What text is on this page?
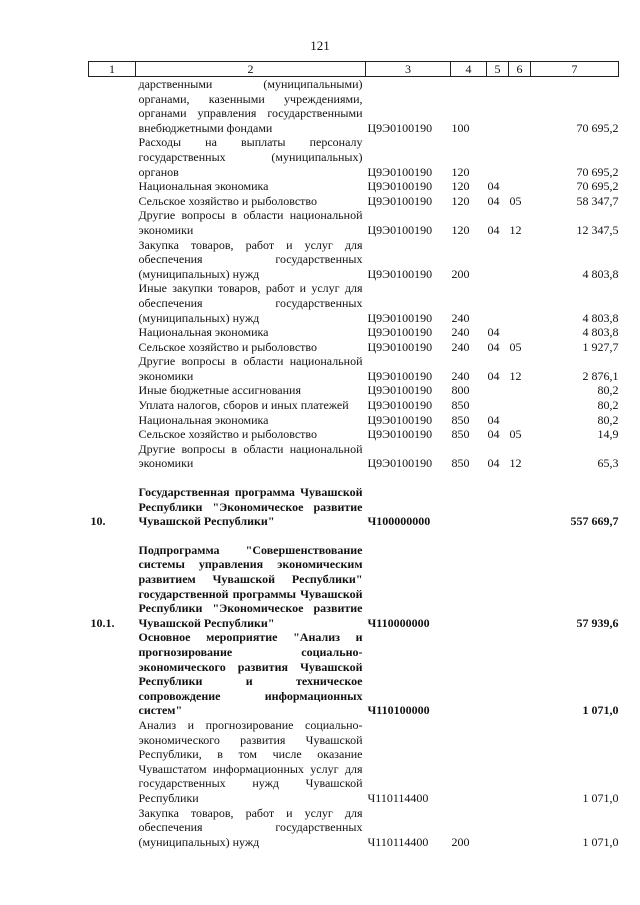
121
1	2	3	4	5	6	7
	дарственными (муниципальными) органами, казенными учреждениями, органами управления государственными внебюджетными фондами	Ц9Э0100190	100			70 695,2
	Расходы на выплаты персоналу государственных (муниципальных) органов	Ц9Э0100190	120			70 695,2
	Национальная экономика	Ц9Э0100190	120	04		70 695,2
	Сельское хозяйство и рыболовство	Ц9Э0100190	120	04	05	58 347,7
	Другие вопросы в области национальной экономики	Ц9Э0100190	120	04	12	12 347,5
	Закупка товаров, работ и услуг для обеспечения государственных (муниципальных) нужд	Ц9Э0100190	200			4 803,8
	Иные закупки товаров, работ и услуг для обеспечения государственных (муниципальных) нужд	Ц9Э0100190	240			4 803,8
	Национальная экономика	Ц9Э0100190	240	04		4 803,8
	Сельское хозяйство и рыболовство	Ц9Э0100190	240	04	05	1 927,7
	Другие вопросы в области национальной экономики	Ц9Э0100190	240	04	12	2 876,1
	Иные бюджетные ассигнования	Ц9Э0100190	800			80,2
	Уплата налогов, сборов и иных платежей	Ц9Э0100190	850			80,2
	Национальная экономика	Ц9Э0100190	850	04		80,2
	Сельское хозяйство и рыболовство	Ц9Э0100190	850	04	05	14,9
	Другие вопросы в области национальной экономики	Ц9Э0100190	850	04	12	65,3

10.	Государственная программа Чувашской Республики "Экономическое развитие Чувашской Республики"	Ч100000000				557 669,7

10.1.	Подпрограмма "Совершенствование системы управления экономическим развитием Чувашской Республики" государственной программы Чувашской Республики "Экономическое развитие Чувашской Республики"	Ч110000000				57 939,6
	Основное мероприятие "Анализ и прогнозирование социально-экономического развития Чувашской Республики и техническое сопровождение информационных систем"	Ч110100000				1 071,0
	Анализ и прогнозирование социально-экономического развития Чувашской Республики, в том числе оказание Чувашстатом информационных услуг для государственных нужд Чувашской Республики	Ч110114400				1 071,0
	Закупка товаров, работ и услуг для обеспечения государственных (муниципальных) нужд	Ч110114400	200			1 071,0
